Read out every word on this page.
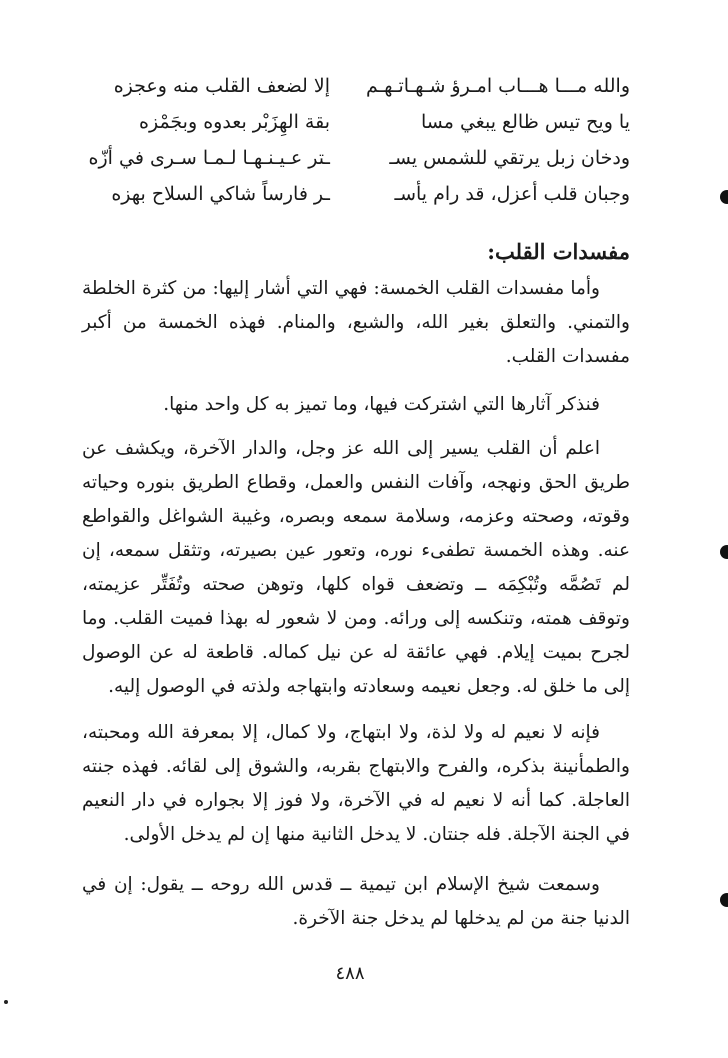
والله مـــا هـــاب امـرؤ شـهـاتـهـم
إلا لضعف القلب منه وعجزه
يا ويح تيس ظالع يبغي مسا
بقة الهِزَبْر بعدوه وبجَمْزه
ودخان زبل يرتقي للشمس يسـ
ـتر عـيـنـهـا لـمـا سـرى في أزّه
وجبان قلب أعزل، قد رام يأسـ
ـر فارساً شاكي السلاح بهزه
مفسدات القلب:

وأما مفسدات القلب الخمسة: فهي التي أشار إليها: من كثرة الخلطة والتمني. والتعلق بغير الله، والشبع، والمنام. فهذه الخمسة من أكبر مفسدات القلب.

فنذكر آثارها التي اشتركت فيها، وما تميز به كل واحد منها.

اعلم أن القلب يسير إلى الله عز وجل، والدار الآخرة، ويكشف عن طريق الحق ونهجه، وآفات النفس والعمل، وقطاع الطريق بنوره وحياته وقوته، وصحته وعزمه، وسلامة سمعه وبصره، وغيبة الشواغل والقواطع عنه. وهذه الخمسة تطفىء نوره، وتعور عين بصيرته، وتثقل سمعه، إن لم تَصُمَّه وتُبْكِمَه ــ وتضعف قواه كلها، وتوهن صحته وتُفَتِّر عزيمته، وتوقف همته، وتنكسه إلى ورائه. ومن لا شعور له بهذا فميت القلب. وما لجرح بميت إيلام. فهي عائقة له عن نيل كماله. قاطعة له عن الوصول إلى ما خلق له. وجعل نعيمه وسعادته وابتهاجه ولذته في الوصول إليه.

فإنه لا نعيم له ولا لذة، ولا ابتهاج، ولا كمال، إلا بمعرفة الله ومحبته، والطمأنينة بذكره، والفرح والابتهاج بقربه، والشوق إلى لقائه. فهذه جنته العاجلة. كما أنه لا نعيم له في الآخرة، ولا فوز إلا بجواره في دار النعيم في الجنة الآجلة. فله جنتان. لا يدخل الثانية منها إن لم يدخل الأولى.

وسمعت شيخ الإسلام ابن تيمية ــ قدس الله روحه ــ يقول: إن في الدنيا جنة من لم يدخلها لم يدخل جنة الآخرة.

٤٨٨
